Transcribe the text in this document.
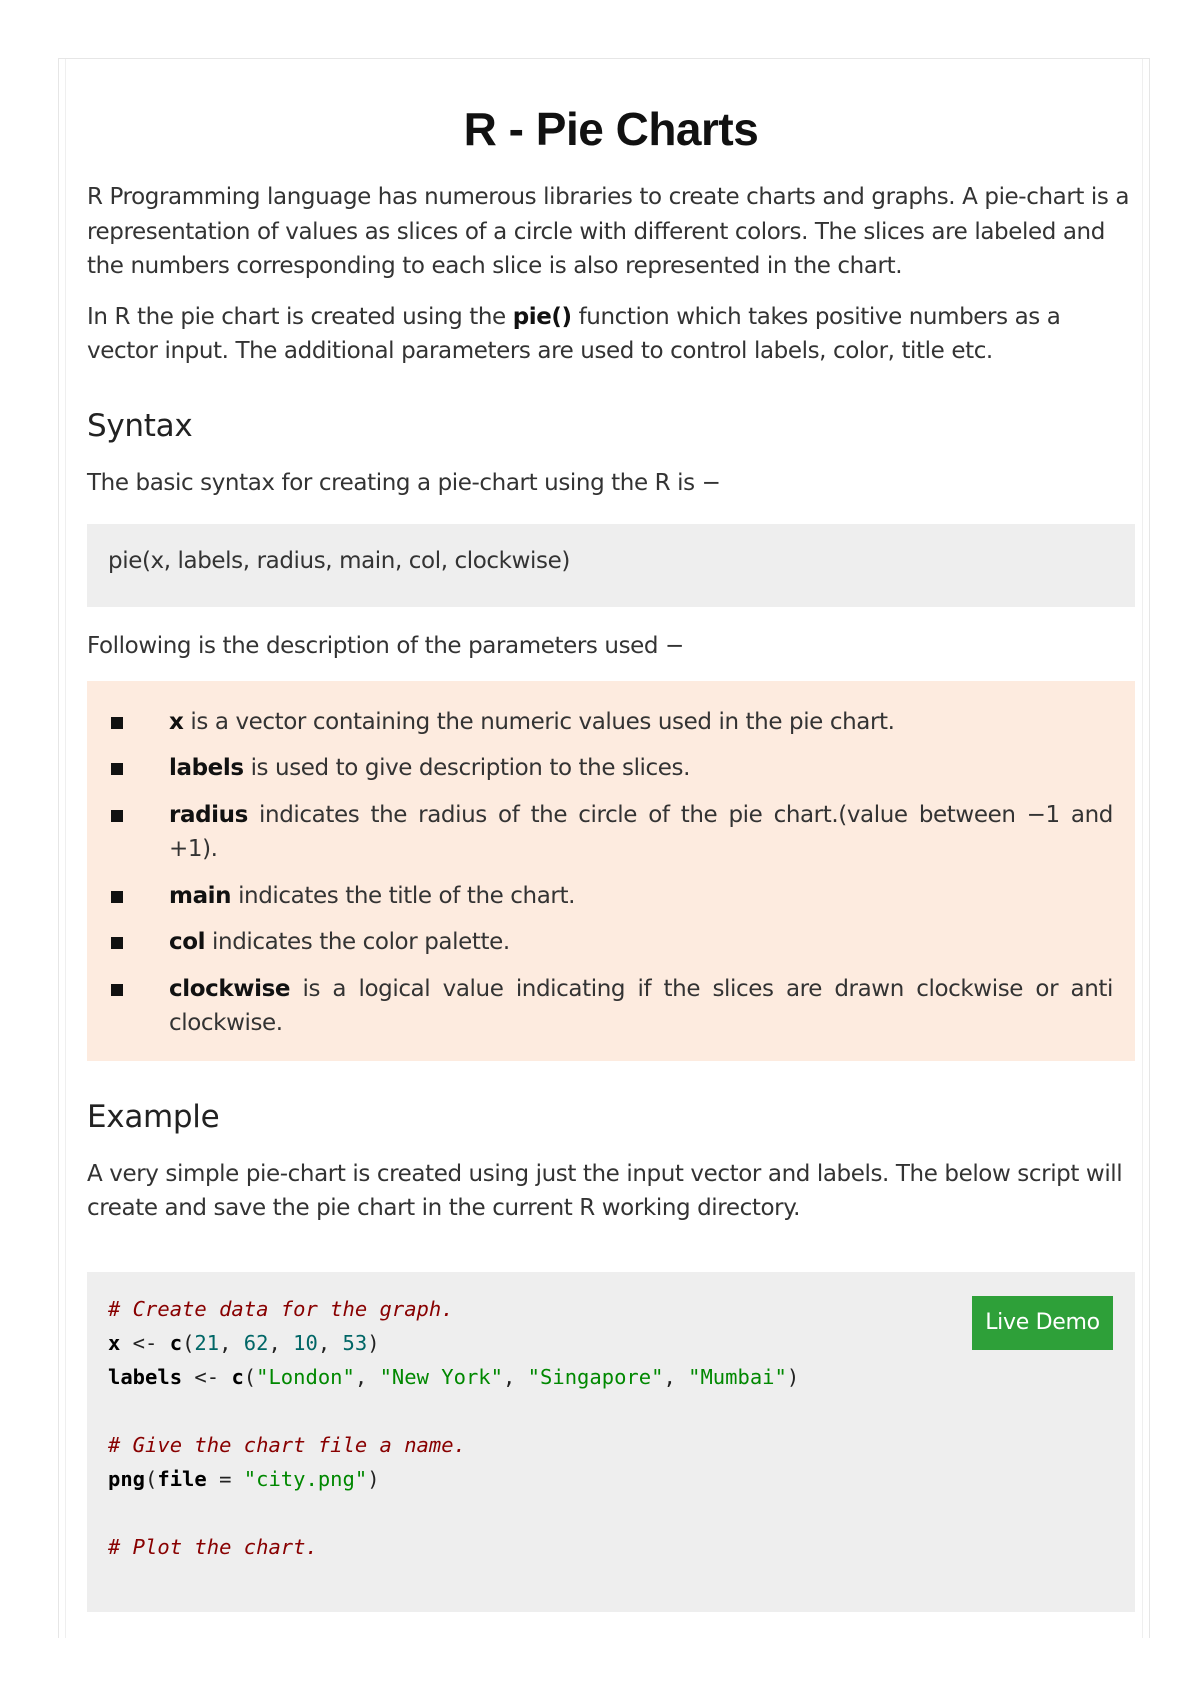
R - Pie Charts

R Programming language has numerous libraries to create charts and graphs. A pie-chart is a representation of values as slices of a circle with different colors. The slices are labeled and the numbers corresponding to each slice is also represented in the chart.

In R the pie chart is created using the pie() function which takes positive numbers as a vector input. The additional parameters are used to control labels, color, title etc.

Syntax

The basic syntax for creating a pie-chart using the R is −

pie(x, labels, radius, main, col, clockwise)

Following is the description of the parameters used −

x is a vector containing the numeric values used in the pie chart.
labels is used to give description to the slices.
radius indicates the radius of the circle of the pie chart.(value between −1 and +1).
main indicates the title of the chart.
col indicates the color palette.
clockwise is a logical value indicating if the slices are drawn clockwise or anti clockwise.
Example

A very simple pie-chart is created using just the input vector and labels. The below script will create and save the pie chart in the current R working directory.

Live Demo
# Create data for the graph.
x <- c(21, 62, 10, 53)
labels <- c("London", "New York", "Singapore", "Mumbai")
# Give the chart file a name.
png(file = "city.png")
# Plot the chart.
